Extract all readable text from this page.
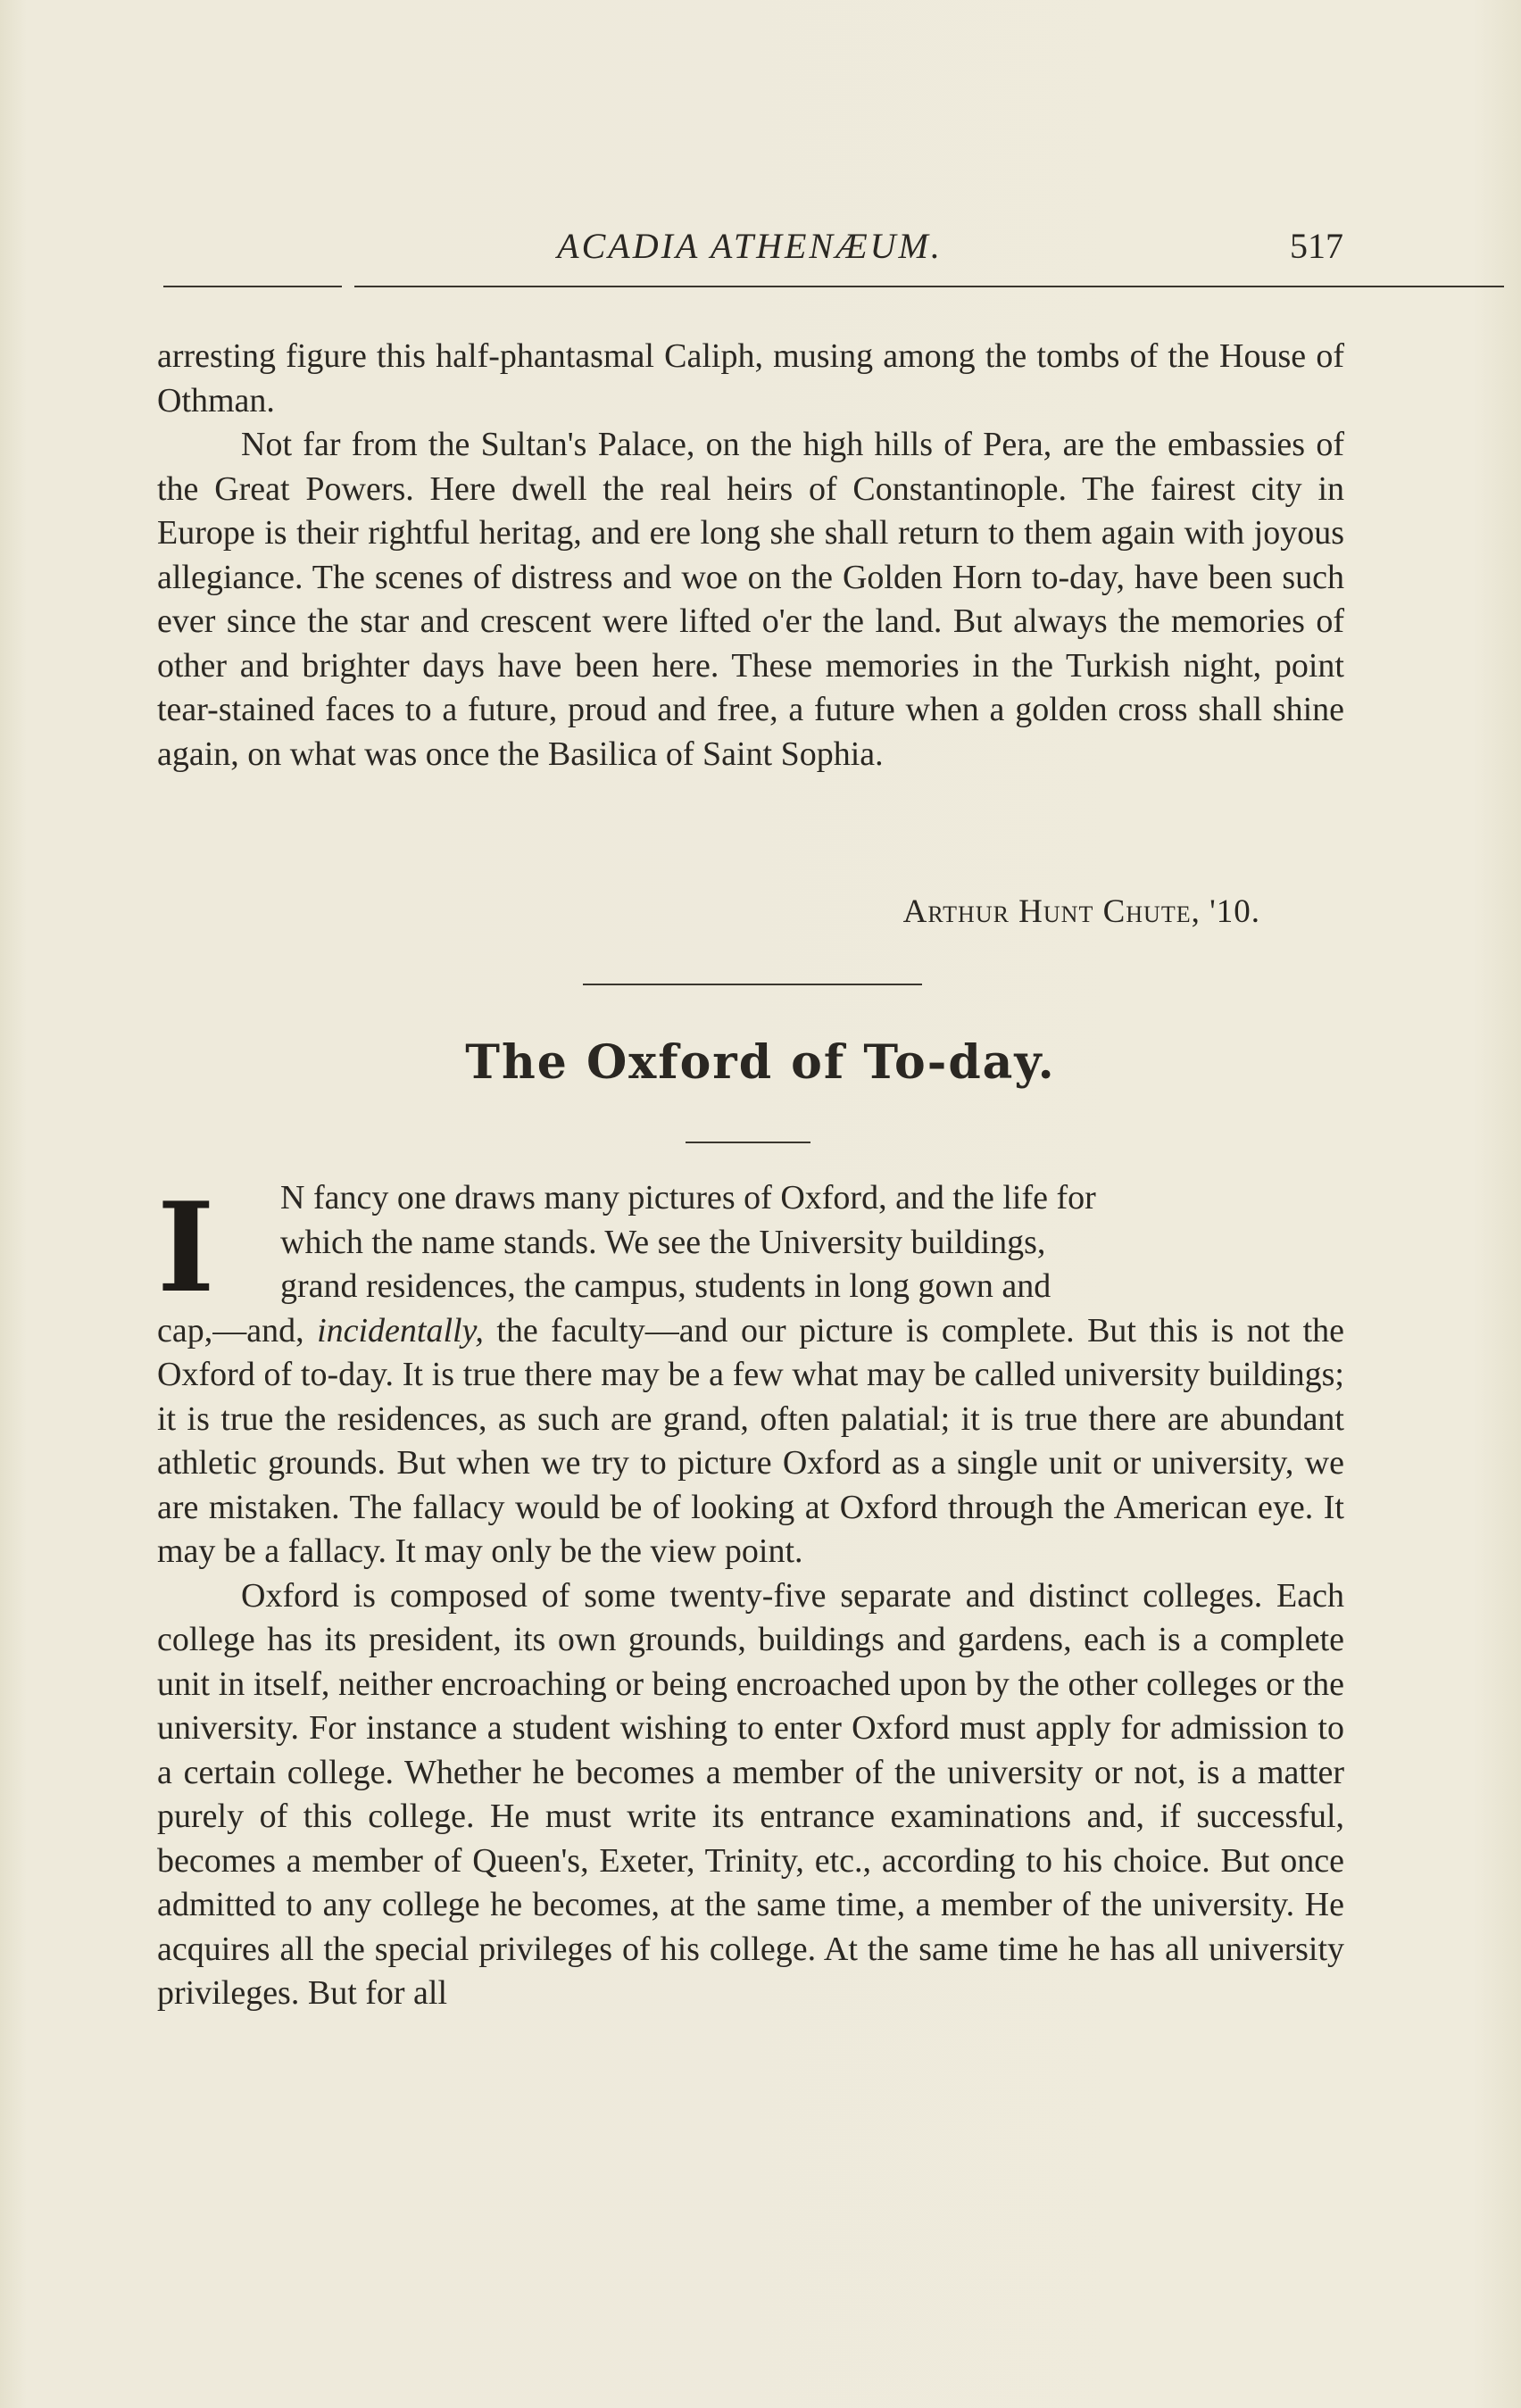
ACADIA ATHENÆUM.	517

arresting figure this half-phantasmal Caliph, musing among the tombs of the House of Othman.

Not far from the Sultan's Palace, on the high hills of Pera, are the embassies of the Great Powers. Here dwell the real heirs of Constantinople. The fairest city in Europe is their rightful heritag, and ere long she shall return to them again with joyous allegiance. The scenes of distress and woe on the Golden Horn to-day, have been such ever since the star and crescent were lifted o'er the land. But always the memories of other and brighter days have been here. These memories in the Turkish night, point tear-stained faces to a future, proud and free, a future when a golden cross shall shine again, on what was once the Basilica of Saint Sophia.

Arthur Hunt Chute, '10.
The Oxford of To-day.
I N fancy one draws many pictures of Oxford, and the life for

which the name stands. We see the University buildings,

grand residences, the campus, students in long gown and

cap,—and, incidentally, the faculty—and our picture is complete. But this is not the Oxford of to-day. It is true there may be a few what may be called university buildings; it is true the residences, as such are grand, often palatial; it is true there are abundant athletic grounds. But when we try to picture Oxford as a single unit or university, we are mistaken. The fallacy would be of looking at Oxford through the American eye. It may be a fallacy. It may only be the view point.

Oxford is composed of some twenty-five separate and distinct colleges. Each college has its president, its own grounds, buildings and gardens, each is a complete unit in itself, neither encroaching or being encroached upon by the other colleges or the university. For instance a student wishing to enter Oxford must apply for admission to a certain college. Whether he becomes a member of the university or not, is a matter purely of this college. He must write its entrance examinations and, if successful, becomes a member of Queen's, Exeter, Trinity, etc., according to his choice. But once admitted to any college he becomes, at the same time, a member of the university. He acquires all the special privileges of his college. At the same time he has all university privileges. But for all
